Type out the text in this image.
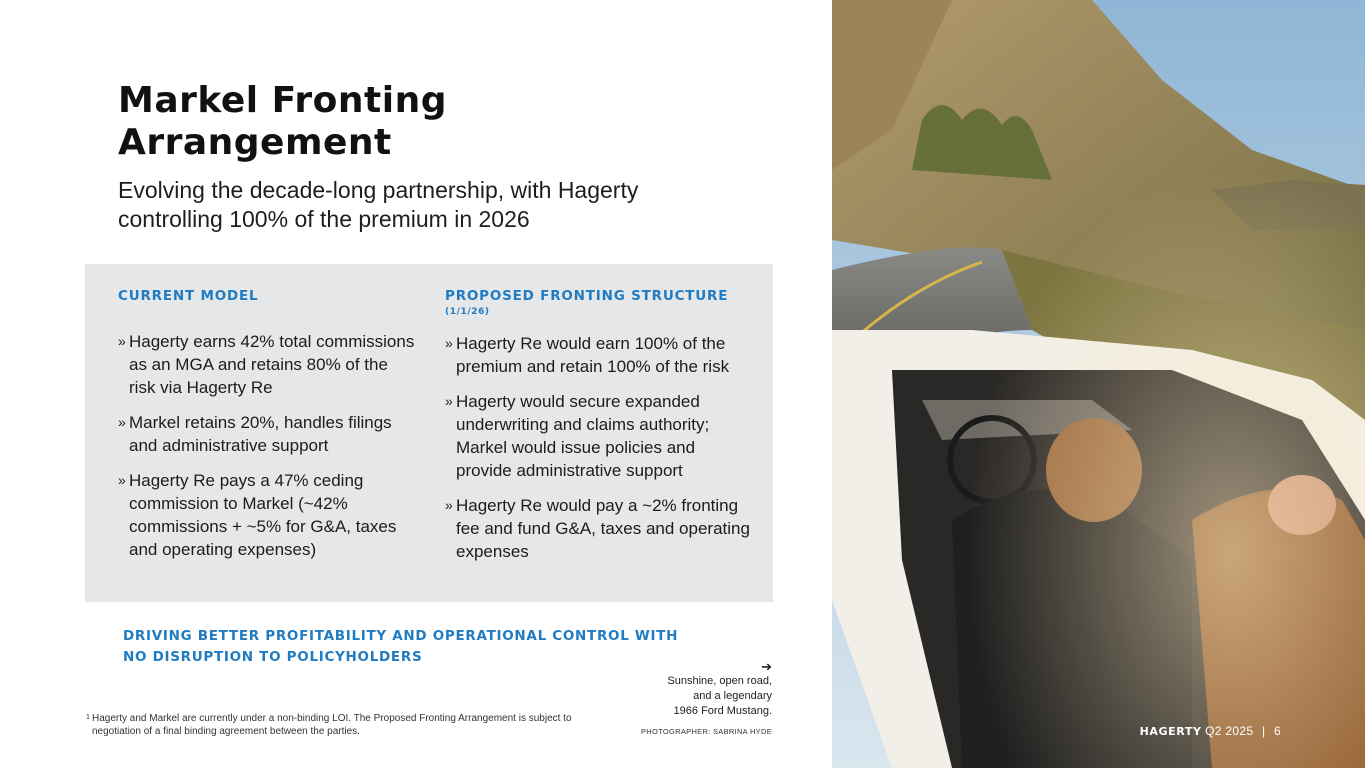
Markel Fronting Arrangement
Evolving the decade-long partnership, with Hagerty controlling 100% of the premium in 2026
CURRENT MODEL
» Hagerty earns 42% total commissions as an MGA and retains 80% of the risk via Hagerty Re
» Markel retains 20%, handles filings and administrative support
» Hagerty Re pays a 47% ceding commission to Markel (~42% commissions + ~5% for G&A, taxes and operating expenses)
PROPOSED FRONTING STRUCTURE
(1/1/26)
» Hagerty Re would earn 100% of the premium and retain 100% of the risk
» Hagerty would secure expanded underwriting and claims authority; Markel would issue policies and provide administrative support
» Hagerty Re would pay a ~2% fronting fee and fund G&A, taxes and operating expenses
DRIVING BETTER PROFITABILITY AND OPERATIONAL CONTROL WITH NO DISRUPTION TO POLICYHOLDERS
1 Hagerty and Markel are currently under a non-binding LOI. The Proposed Fronting Arrangement is subject to negotiation of a final binding agreement between the parties.
➔
Sunshine, open road,
and a legendary
1966 Ford Mustang.
PHOTOGRAPHER: SABRINA HYDE	HAGERTY Q2 2025 | 6
